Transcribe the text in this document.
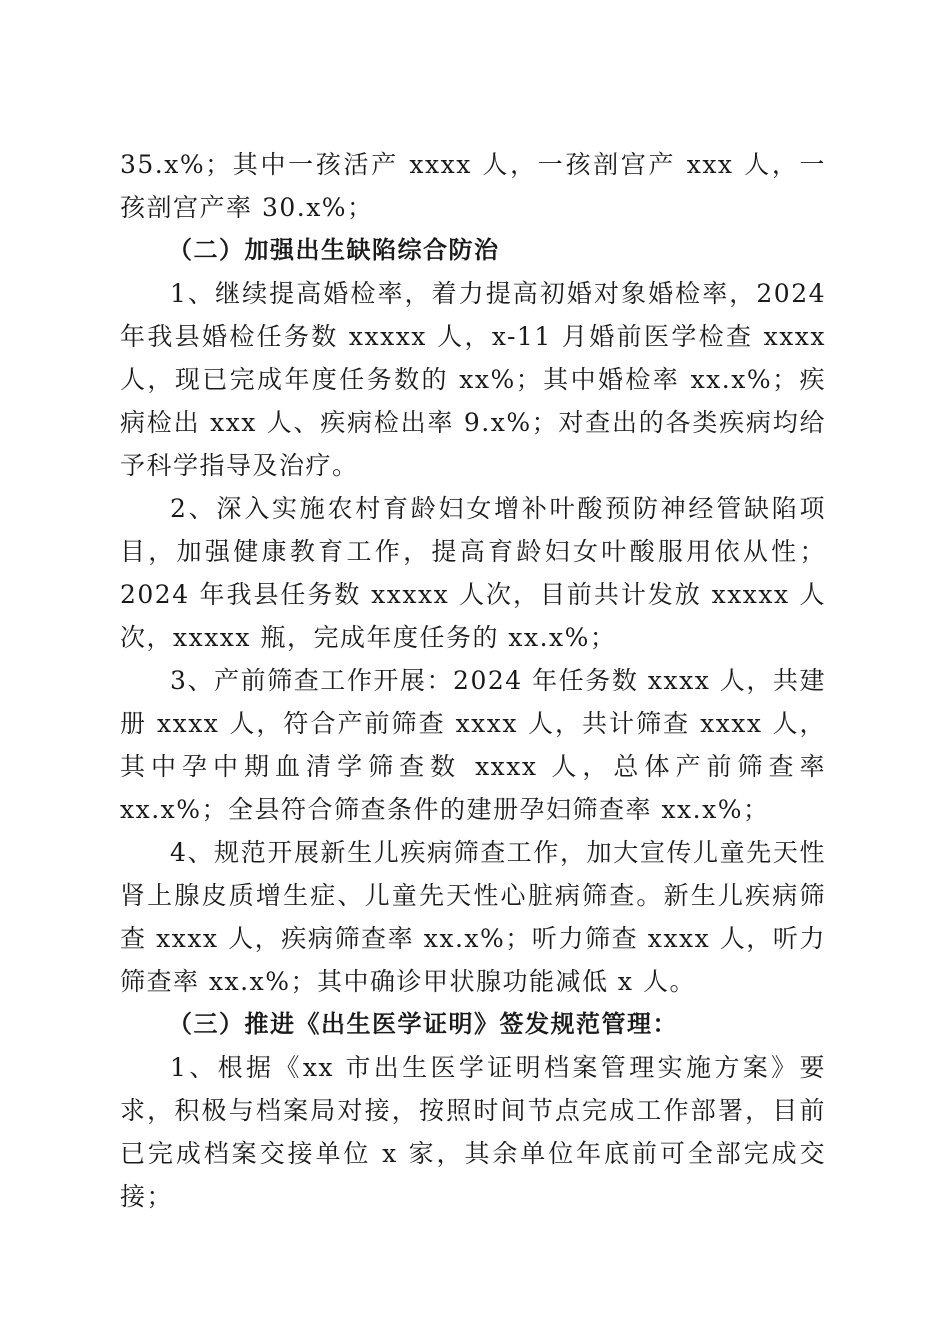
35.x%；其中一孩活产 xxxx 人，一孩剖宫产 xxx 人，一孩剖宫产率 30.x%；

（二）加强出生缺陷综合防治

1、继续提高婚检率，着力提高初婚对象婚检率，2024 年我县婚检任务数 xxxxx 人，x-11 月婚前医学检查 xxxx 人，现已完成年度任务数的 xx%；其中婚检率 xx.x%；疾病检出 xxx 人、疾病检出率 9.x%；对查出的各类疾病均给予科学指导及治疗。

2、深入实施农村育龄妇女增补叶酸预防神经管缺陷项目，加强健康教育工作，提高育龄妇女叶酸服用依从性；2024 年我县任务数 xxxxx 人次，目前共计发放 xxxxx 人次，xxxxx 瓶，完成年度任务的 xx.x%；

3、产前筛查工作开展：2024 年任务数 xxxx 人，共建册 xxxx 人，符合产前筛查 xxxx 人，共计筛查 xxxx 人，其中孕中期血清学筛查数 xxxx 人，总体产前筛查率 xx.x%；全县符合筛查条件的建册孕妇筛查率 xx.x%；

4、规范开展新生儿疾病筛查工作，加大宣传儿童先天性肾上腺皮质增生症、儿童先天性心脏病筛查。新生儿疾病筛查 xxxx 人，疾病筛查率 xx.x%；听力筛查 xxxx 人，听力筛查率 xx.x%；其中确诊甲状腺功能减低 x 人。

（三）推进《出生医学证明》签发规范管理：

1、根据《xx 市出生医学证明档案管理实施方案》要求，积极与档案局对接，按照时间节点完成工作部署，目前已完成档案交接单位 x 家，其余单位年底前可全部完成交接；
